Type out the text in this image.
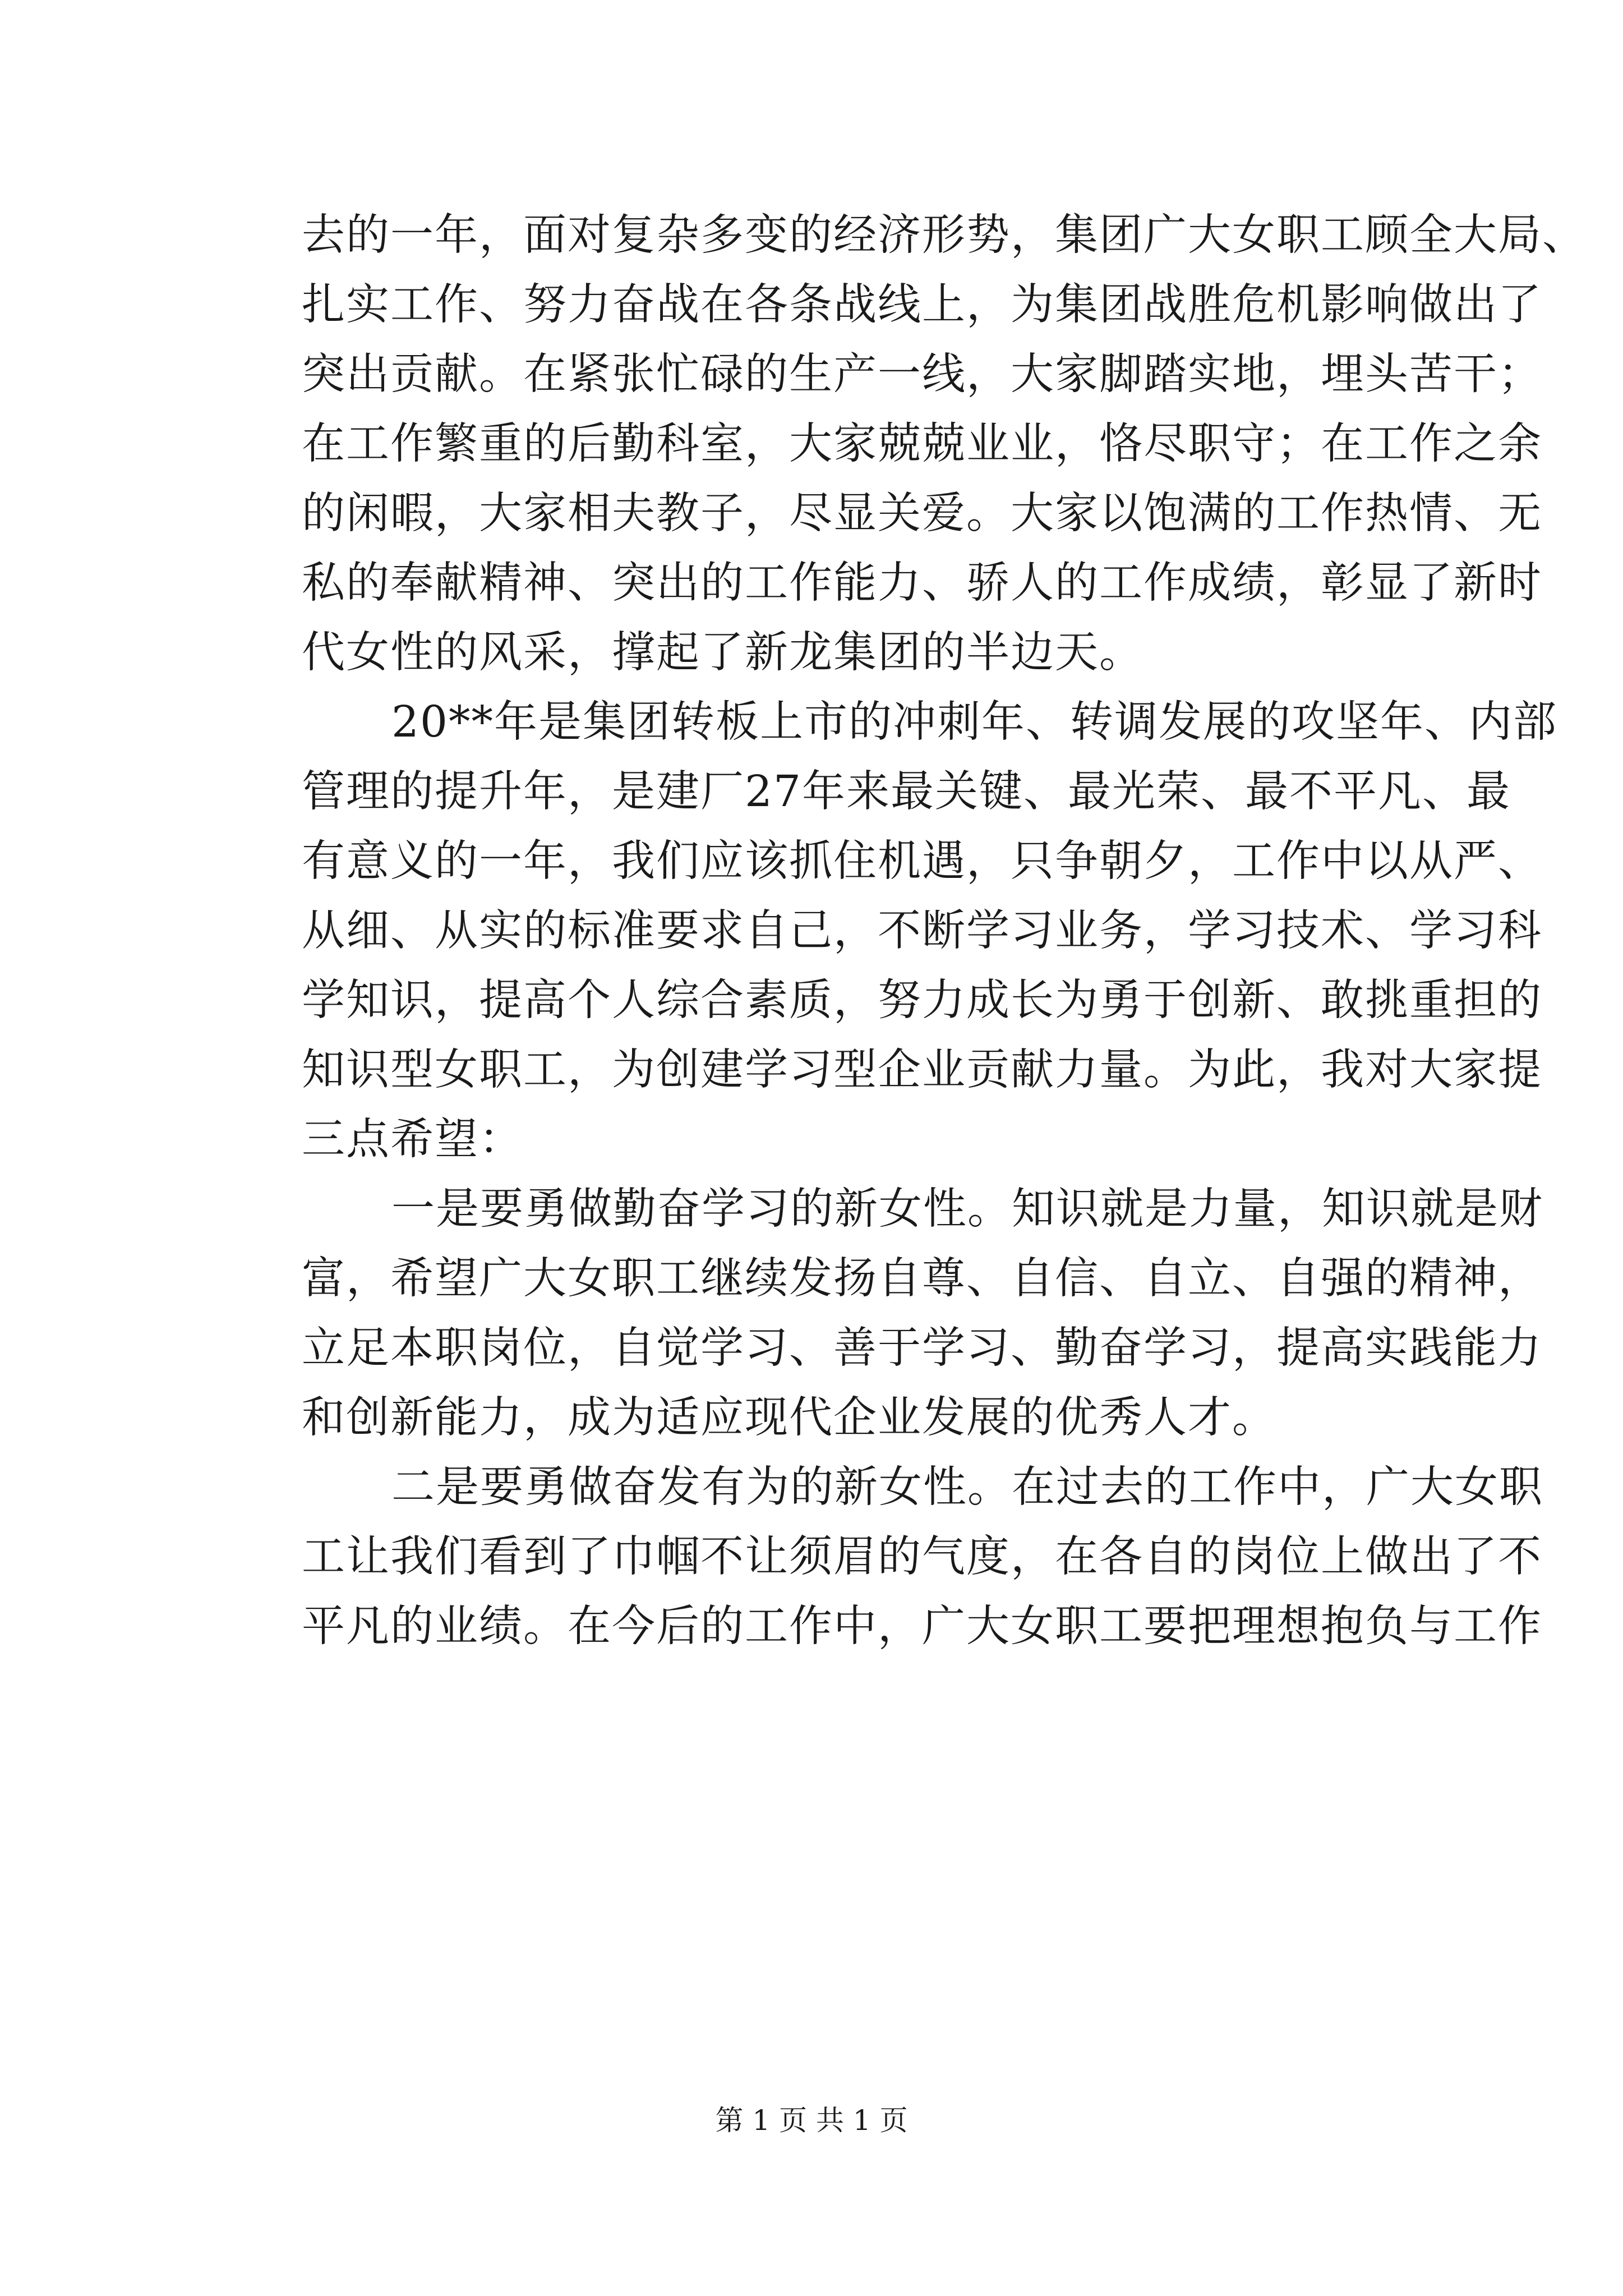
去的一年，面对复杂多变的经济形势，集团广大女职工顾全大局、
扎实工作、努力奋战在各条战线上，为集团战胜危机影响做出了
突出贡献。在紧张忙碌的生产一线，大家脚踏实地，埋头苦干；
在工作繁重的后勤科室，大家兢兢业业，恪尽职守；在工作之余
的闲暇，大家相夫教子，尽显关爱。大家以饱满的工作热情、无
私的奉献精神、突出的工作能力、骄人的工作成绩，彰显了新时
代女性的风采，撑起了新龙集团的半边天。
20**年是集团转板上市的冲刺年、转调发展的攻坚年、内部
管理的提升年，是建厂27年来最关键、最光荣、最不平凡、最
有意义的一年，我们应该抓住机遇，只争朝夕，工作中以从严、
从细、从实的标准要求自己，不断学习业务，学习技术、学习科
学知识，提高个人综合素质，努力成长为勇于创新、敢挑重担的
知识型女职工，为创建学习型企业贡献力量。为此，我对大家提
三点希望：
一是要勇做勤奋学习的新女性。知识就是力量，知识就是财
富，希望广大女职工继续发扬自尊、自信、自立、自强的精神，
立足本职岗位，自觉学习、善于学习、勤奋学习，提高实践能力
和创新能力，成为适应现代企业发展的优秀人才。
二是要勇做奋发有为的新女性。在过去的工作中，广大女职
工让我们看到了巾帼不让须眉的气度，在各自的岗位上做出了不
平凡的业绩。在今后的工作中，广大女职工要把理想抱负与工作
第 1 页 共 1 页
